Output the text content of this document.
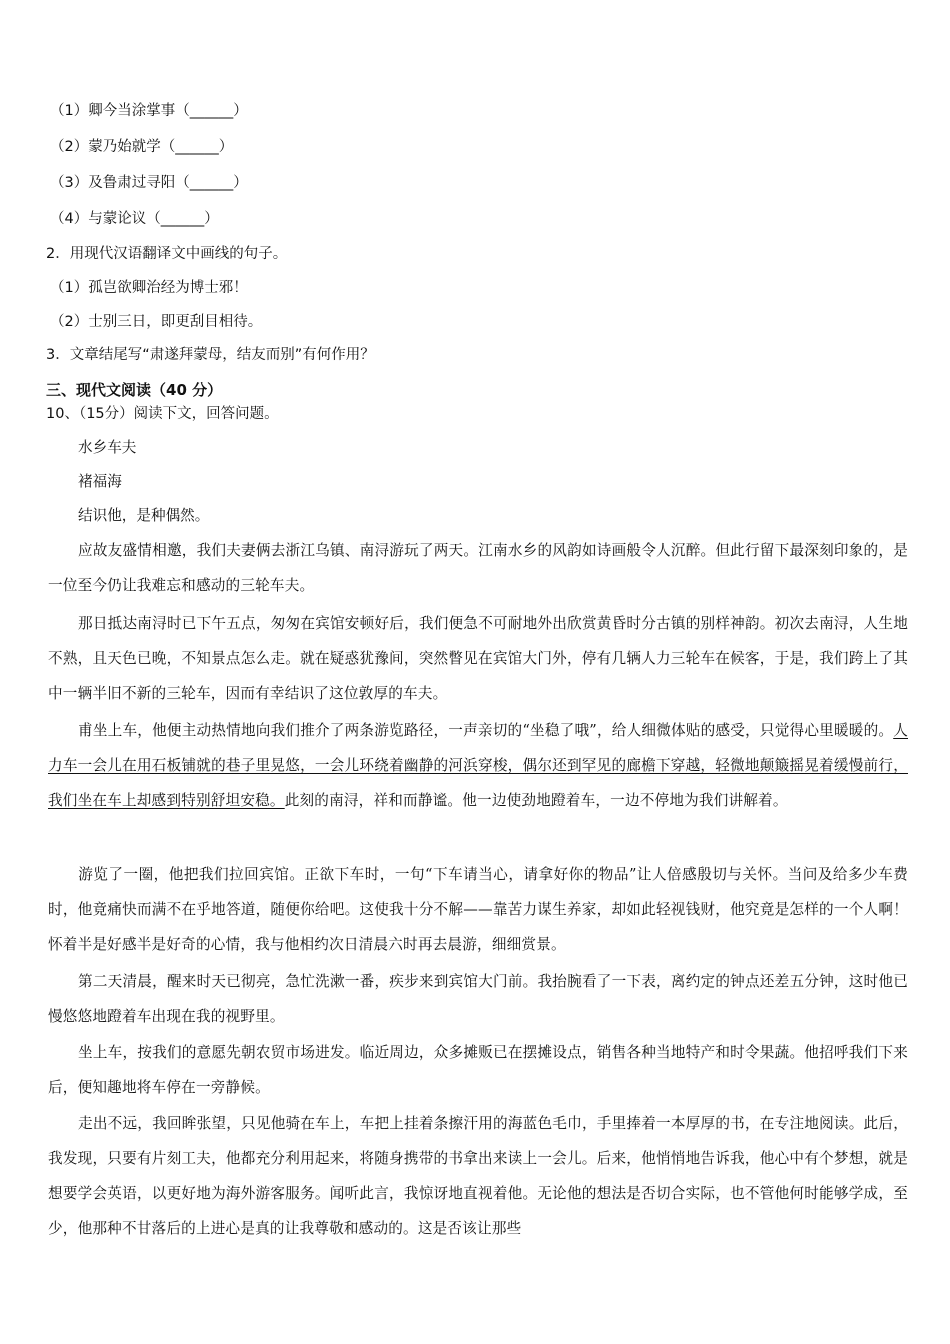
（1）卿今当涂掌事（______）
（2）蒙乃始就学（______）
（3）及鲁肃过寻阳（______）
（4）与蒙论议（______）
2．用现代汉语翻译文中画线的句子。
（1）孤岂欲卿治经为博士邪！
（2）士别三日，即更刮目相待。
3．文章结尾写“肃遂拜蒙母，结友而别”有何作用？
三、现代文阅读（40 分）
10、（15分）阅读下文，回答问题。
水乡车夫
褚福海
结识他，是种偶然。
应故友盛情相邀，我们夫妻俩去浙江乌镇、南浔游玩了两天。江南水乡的风韵如诗画般令人沉醉。但此行留下最深刻印象的，是一位至今仍让我难忘和感动的三轮车夫。
那日抵达南浔时已下午五点，匆匆在宾馆安顿好后，我们便急不可耐地外出欣赏黄昏时分古镇的别样神韵。初次去南浔，人生地不熟，且天色已晚，不知景点怎么走。就在疑惑犹豫间，突然瞥见在宾馆大门外，停有几辆人力三轮车在候客，于是，我们跨上了其中一辆半旧不新的三轮车，因而有幸结识了这位敦厚的车夫。
甫坐上车，他便主动热情地向我们推介了两条游览路径，一声亲切的“坐稳了哦”，给人细微体贴的感受，只觉得心里暖暖的。人力车一会儿在用石板铺就的巷子里晃悠，一会儿环绕着幽静的河浜穿梭，偶尔还到罕见的廊檐下穿越，轻微地颠簸摇晃着缓慢前行，我们坐在车上却感到特别舒坦安稳。此刻的南浔，祥和而静谧。他一边使劲地蹬着车，一边不停地为我们讲解着。
游览了一圈，他把我们拉回宾馆。正欲下车时，一句“下车请当心，请拿好你的物品”让人倍感殷切与关怀。当问及给多少车费时，他竟痛快而满不在乎地答道，随便你给吧。这使我十分不解——靠苦力谋生养家，却如此轻视钱财，他究竟是怎样的一个人啊！怀着半是好感半是好奇的心情，我与他相约次日清晨六时再去晨游，细细赏景。
第二天清晨，醒来时天已彻亮，急忙洗漱一番，疾步来到宾馆大门前。我抬腕看了一下表，离约定的钟点还差五分钟，这时他已慢悠悠地蹬着车出现在我的视野里。
坐上车，按我们的意愿先朝农贸市场进发。临近周边，众多摊贩已在摆摊设点，销售各种当地特产和时令果蔬。他招呼我们下来后，便知趣地将车停在一旁静候。
走出不远，我回眸张望，只见他骑在车上，车把上挂着条擦汗用的海蓝色毛巾，手里捧着一本厚厚的书，在专注地阅读。此后，我发现，只要有片刻工夫，他都充分利用起来，将随身携带的书拿出来读上一会儿。后来，他悄悄地告诉我，他心中有个梦想，就是想要学会英语，以更好地为海外游客服务。闻听此言，我惊讶地直视着他。无论他的想法是否切合实际，也不管他何时能够学成，至少，他那种不甘落后的上进心是真的让我尊敬和感动的。这是否该让那些
